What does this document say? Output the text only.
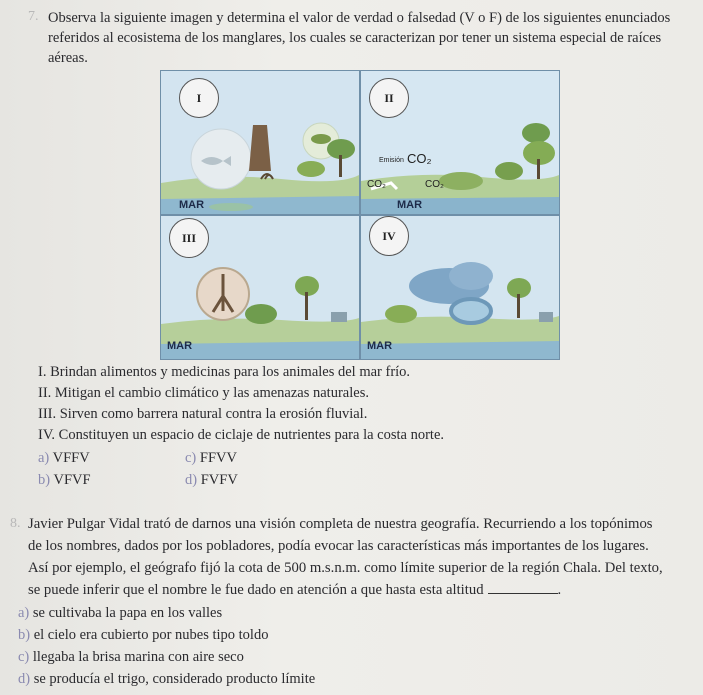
7. Observa la siguiente imagen y determina el valor de verdad o falsedad (V o F) de los siguientes enunciados
referidos al ecosistema de los manglares, los cuales se caracterizan por tener un sistema especial de raíces
aéreas.
I
MAR
II
Emisión CO₂
CO₂	CO₂
MAR
III
MAR
IV
MAR
I. Brindan alimentos y medicinas para los animales del mar frío.
II. Mitigan el cambio climático y las amenazas naturales.
III. Sirven como barrera natural contra la erosión fluvial.
IV. Constituyen un espacio de ciclaje de nutrientes para la costa norte.
a) VFFV	c) FFVV
b) VFVF	d) FVFV
8. Javier Pulgar Vidal trató de darnos una visión completa de nuestra geografía. Recurriendo a los topónimos
de los nombres, dados por los pobladores, podía evocar las características más importantes de los lugares.
Así por ejemplo, el geógrafo fijó la cota de 500 m.s.n.m. como límite superior de la región Chala. Del texto,
se puede inferir que el nombre le fue dado en atención a que hasta esta altitud	.
a) se cultivaba la papa en los valles
b) el cielo era cubierto por nubes tipo toldo
c) llegaba la brisa marina con aire seco
d) se producía el trigo, considerado producto límite
